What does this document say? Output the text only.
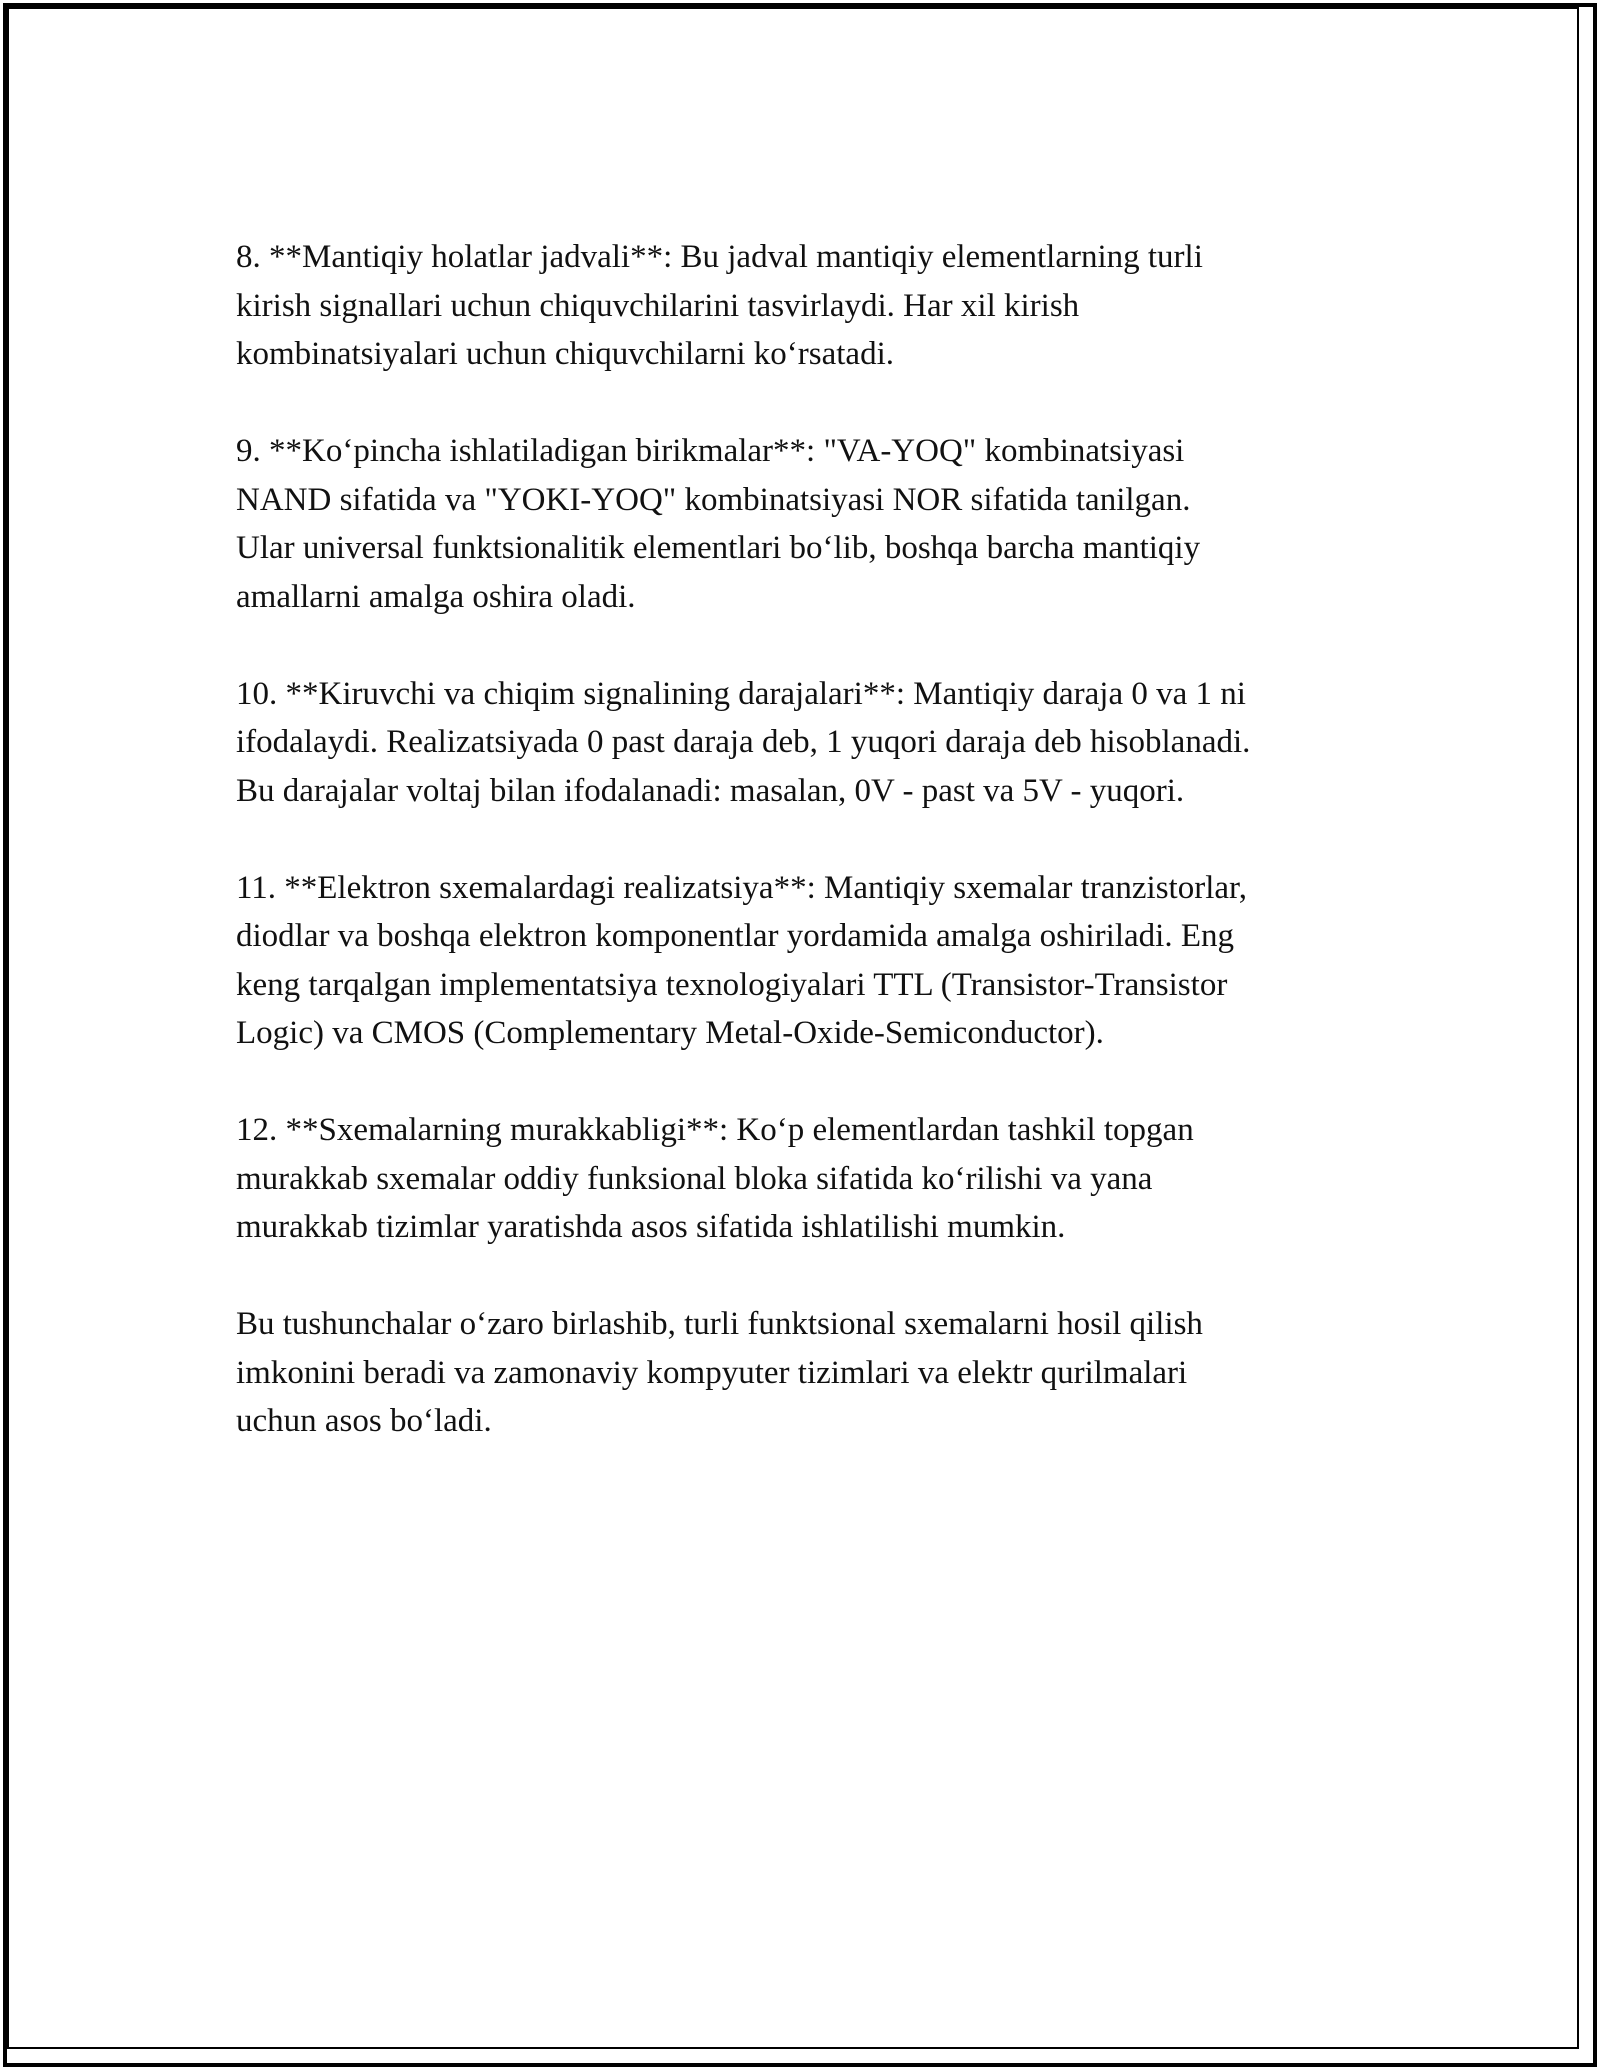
8. **Mantiqiy holatlar jadvali**: Bu jadval mantiqiy elementlarning turli
kirish signallari uchun chiquvchilarini tasvirlaydi. Har xil kirish
kombinatsiyalari uchun chiquvchilarni ko‘rsatadi.

9. **Ko‘pincha ishlatiladigan birikmalar**: "VA-YOQ" kombinatsiyasi
NAND sifatida va "YOKI-YOQ" kombinatsiyasi NOR sifatida tanilgan.
Ular universal funktsionalitik elementlari bo‘lib, boshqa barcha mantiqiy
amallarni amalga oshira oladi.

10. **Kiruvchi va chiqim signalining darajalari**: Mantiqiy daraja 0 va 1 ni
ifodalaydi. Realizatsiyada 0 past daraja deb, 1 yuqori daraja deb hisoblanadi.
Bu darajalar voltaj bilan ifodalanadi: masalan, 0V - past va 5V - yuqori.

11. **Elektron sxemalardagi realizatsiya**: Mantiqiy sxemalar tranzistorlar,
diodlar va boshqa elektron komponentlar yordamida amalga oshiriladi. Eng
keng tarqalgan implementatsiya texnologiyalari TTL (Transistor-Transistor
Logic) va CMOS (Complementary Metal-Oxide-Semiconductor).

12. **Sxemalarning murakkabligi**: Ko‘p elementlardan tashkil topgan
murakkab sxemalar oddiy funksional bloka sifatida ko‘rilishi va yana
murakkab tizimlar yaratishda asos sifatida ishlatilishi mumkin.

Bu tushunchalar o‘zaro birlashib, turli funktsional sxemalarni hosil qilish
imkonini beradi va zamonaviy kompyuter tizimlari va elektr qurilmalari
uchun asos bo‘ladi.
